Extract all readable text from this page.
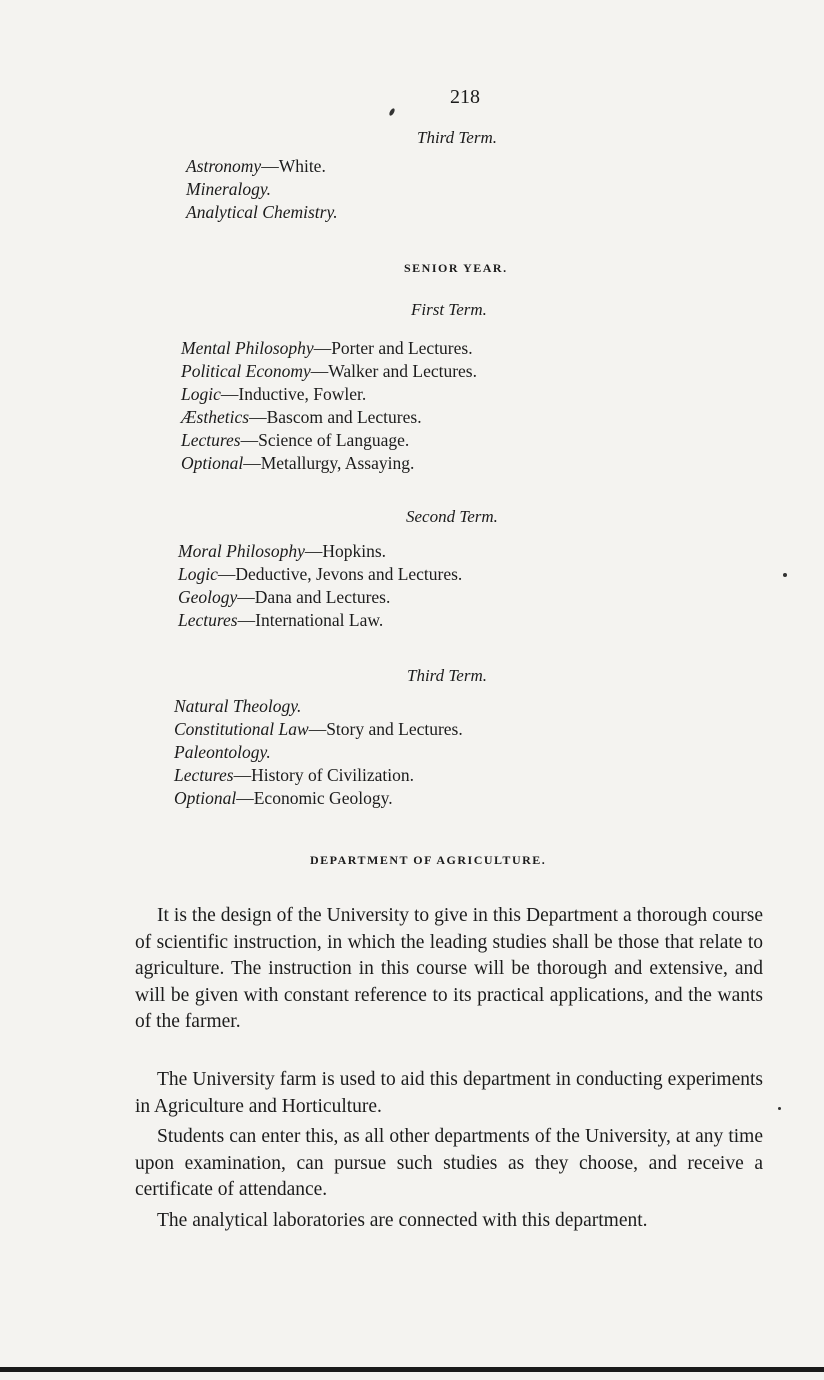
218
Third Term.
Astronomy—White.
Mineralogy.
Analytical Chemistry.
SENIOR YEAR.
First Term.
Mental Philosophy—Porter and Lectures.
Political Economy—Walker and Lectures.
Logic—Inductive, Fowler.
Æsthetics—Bascom and Lectures.
Lectures—Science of Language.
Optional—Metallurgy, Assaying.
Second Term.
Moral Philosophy—Hopkins.
Logic—Deductive, Jevons and Lectures.
Geology—Dana and Lectures.
Lectures—International Law.
Third Term.
Natural Theology.
Constitutional Law—Story and Lectures.
Paleontology.
Lectures—History of Civilization.
Optional—Economic Geology.
DEPARTMENT OF AGRICULTURE.

It is the design of the University to give in this Department a thorough course of scientific instruction, in which the leading studies shall be those that relate to agriculture. The instruction in this course will be thorough and extensive, and will be given with constant reference to its practical applications, and the wants of the farmer.

The University farm is used to aid this department in conducting experiments in Agriculture and Horticulture.

Students can enter this, as all other departments of the University, at any time upon examination, can pursue such studies as they choose, and receive a certificate of attendance.

The analytical laboratories are connected with this department.
